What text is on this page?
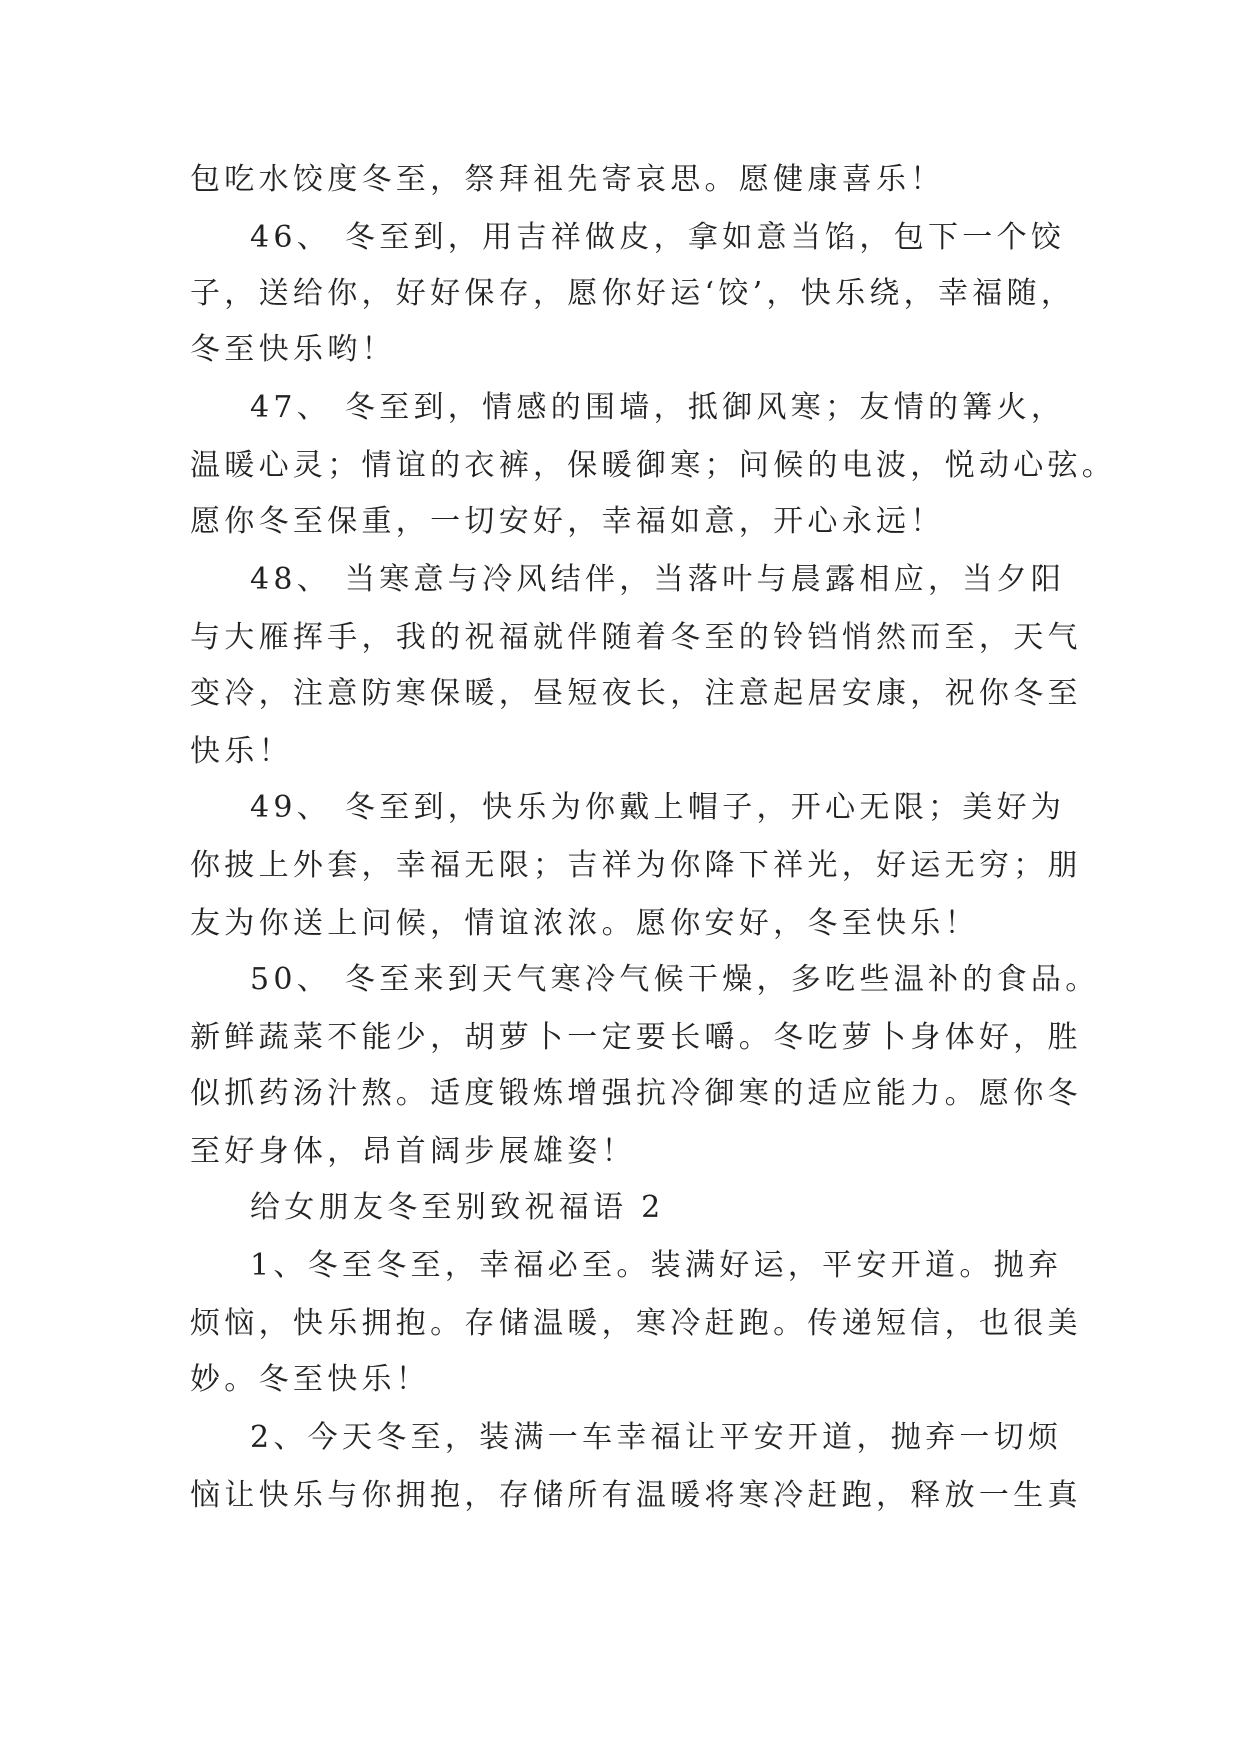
包吃水饺度冬至，祭拜祖先寄哀思。愿健康喜乐！
46、 冬至到，用吉祥做皮，拿如意当馅，包下一个饺
子，送给你，好好保存，愿你好运‘饺’，快乐绕，幸福随，
冬至快乐哟！
47、 冬至到，情感的围墙，抵御风寒；友情的篝火，
温暖心灵；情谊的衣裤，保暖御寒；问候的电波，悦动心弦。
愿你冬至保重，一切安好，幸福如意，开心永远！
48、 当寒意与冷风结伴，当落叶与晨露相应，当夕阳
与大雁挥手，我的祝福就伴随着冬至的铃铛悄然而至，天气
变冷，注意防寒保暖，昼短夜长，注意起居安康，祝你冬至
快乐！
49、 冬至到，快乐为你戴上帽子，开心无限；美好为
你披上外套，幸福无限；吉祥为你降下祥光，好运无穷；朋
友为你送上问候，情谊浓浓。愿你安好，冬至快乐！
50、 冬至来到天气寒冷气候干燥，多吃些温补的食品。
新鲜蔬菜不能少，胡萝卜一定要长嚼。冬吃萝卜身体好，胜
似抓药汤汁熬。适度锻炼增强抗冷御寒的适应能力。愿你冬
至好身体，昂首阔步展雄姿！
给女朋友冬至别致祝福语 2
1、冬至冬至，幸福必至。装满好运，平安开道。抛弃
烦恼，快乐拥抱。存储温暖，寒冷赶跑。传递短信，也很美
妙。冬至快乐！
2、今天冬至，装满一车幸福让平安开道，抛弃一切烦
恼让快乐与你拥抱，存储所有温暖将寒冷赶跑，释放一生真
